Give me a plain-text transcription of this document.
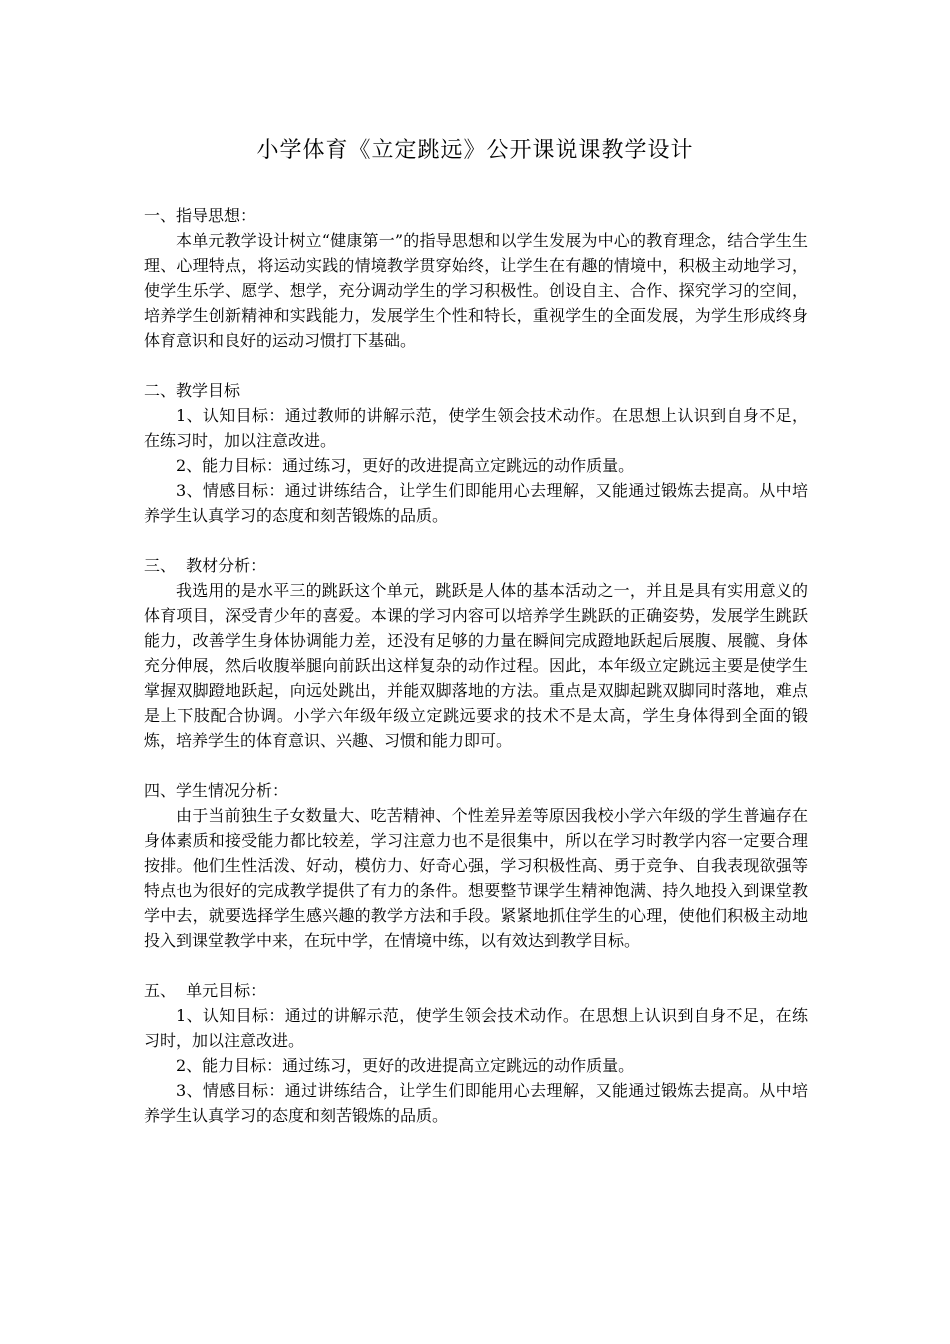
小学体育《立定跳远》公开课说课教学设计

一、指导思想：

本单元教学设计树立“健康第一”的指导思想和以学生发展为中心的教育理念，结合学生生理、心理特点，将运动实践的情境教学贯穿始终，让学生在有趣的情境中，积极主动地学习，使学生乐学、愿学、想学，充分调动学生的学习积极性。创设自主、合作、探究学习的空间，培养学生创新精神和实践能力，发展学生个性和特长，重视学生的全面发展，为学生形成终身体育意识和良好的运动习惯打下基础。

二、教学目标

1、认知目标：通过教师的讲解示范，使学生领会技术动作。在思想上认识到自身不足，在练习时，加以注意改进。

2、能力目标：通过练习，更好的改进提高立定跳远的动作质量。

3、情感目标：通过讲练结合，让学生们即能用心去理解，又能通过锻炼去提高。从中培养学生认真学习的态度和刻苦锻炼的品质。

三、  教材分析：

我选用的是水平三的跳跃这个单元，跳跃是人体的基本活动之一，并且是具有实用意义的体育项目，深受青少年的喜爱。本课的学习内容可以培养学生跳跃的正确姿势，发展学生跳跃能力，改善学生身体协调能力差，还没有足够的力量在瞬间完成蹬地跃起后展腹、展髋、身体充分伸展，然后收腹举腿向前跃出这样复杂的动作过程。因此，本年级立定跳远主要是使学生掌握双脚蹬地跃起，向远处跳出，并能双脚落地的方法。重点是双脚起跳双脚同时落地，难点是上下肢配合协调。小学六年级年级立定跳远要求的技术不是太高，学生身体得到全面的锻炼，培养学生的体育意识、兴趣、习惯和能力即可。

四、学生情况分析：

由于当前独生子女数量大、吃苦精神、个性差异差等原因我校小学六年级的学生普遍存在身体素质和接受能力都比较差，学习注意力也不是很集中，所以在学习时教学内容一定要合理按排。他们生性活泼、好动，模仿力、好奇心强，学习积极性高、勇于竞争、自我表现欲强等特点也为很好的完成教学提供了有力的条件。想要整节课学生精神饱满、持久地投入到课堂教学中去，就要选择学生感兴趣的教学方法和手段。紧紧地抓住学生的心理，使他们积极主动地投入到课堂教学中来，在玩中学，在情境中练，以有效达到教学目标。

五、  单元目标：

1、认知目标：通过的讲解示范，使学生领会技术动作。在思想上认识到自身不足，在练习时，加以注意改进。

2、能力目标：通过练习，更好的改进提高立定跳远的动作质量。

3、情感目标：通过讲练结合，让学生们即能用心去理解，又能通过锻炼去提高。从中培养学生认真学习的态度和刻苦锻炼的品质。
